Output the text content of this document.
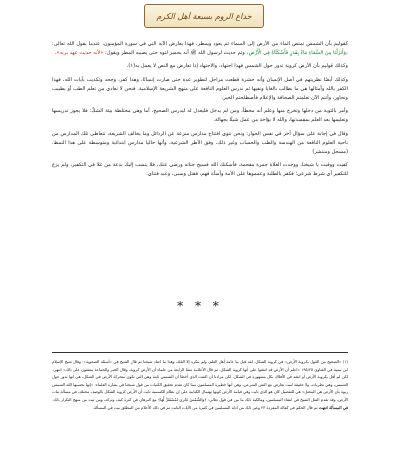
خداع الروم بسبعة أهل الكرم

كقوليم بأن الشمس تمتص الماء من الأرض إلى السماء ثم يعود ويمطر، فهذا يعارض الآية التي في سورة المؤمنون، عندما يقول الله تعالى: ﴿وَأَنزَلْنَا مِنَ السَّمَاءِ مَاءً بِقَدَرٍ فَأَسْكَنَّاهُ فِي الْأَرْضِ﴾ وثم حديث لرسول الله ﷺ أنه يحسر لتوه حتى يصيبه المطر ويقول: «لأنه حديث عهد بربه».

وكذلك قوليم بأن الأرض كروية تدور حول الشمس فهذا اجتهاد، والاجتهاد إذا تعارض مع النص لا يعمل به(١).

وكذلك أيضًا نظريتهم في أصل الإنسان وأنه حشرة قطعت مراحل لتطوير عدة حتى صارت إنسانًا، وهذا كفر، وجحد وتكذيب بآيات الله، فهذا الكفر بالله وأمثالها هي ما نطالب بالغايا ونفيها ثم ندرس العلوم النافعة على منهج الشريعة الإسلامية. فنحن لا نعادي من تعلم الطب أو بطبيب ونحاور، وأنتم الآن تعلمتم الصحافة والإعلام فأصطلحتم الخير.

وأمر بالتوبة من دخلها وتخرج منها وعلم أنه مخطأ، ومن لم يدخل فليعدل له ليدرس الصحيح، أما وهي مختلطة بيئة الشكّ: فلا يجوز تدريسها وتعليمها بعد العلم بمفسدتها، والله لا يؤاخذ من عمل شيئًا بجهالة.

وقال في إجابة على سؤال آخر في نفس الحوار: ونحن ننوي افتتاح مدارس منزعة عن الرذائل وما يخالف الشريعة، تتعاطى تلك المدارس من ناحية العلوم النافعة من الهندسة والطب والحساب وغير ذلك، وفق الأطر الشرعية، وأنها حاليا مدارس ابتدائية ومتوسطة على هذا النمط. (مسجل ومنتشر)

كفيت ووقيت يا شيخنا، ووجدت الغلاة جمرة مفحمة، فأسكنك الله فسيح جناته ورضي عنك، فلا ينسب إليك بدعة من غلا في التكفير، ولم يزع للتكفير أي شرط شرعي؛ فكفر بالطلبة وعمموها على الأمة وأسأة فهم، فقتل وسبى، وعبد فتناي.

* * *

(١) «الصحيح من القول بكروية الأرض» في كروية الشكل، لقد قبل بيا عامة أهل العلم، ولم ينكره إلا القلة، وهذا ما اعتاد شيخنا ثم قال الشيخ في «أسئلة الصحوية»: وقال شيخ الإسلام ابن تيمية في الفتاوى ١٩٥/٢٥ «اعلم أن الأرض قد اتفقوا على أنها كروية الشكل، ثم قال الأعلامة سقا الرابعة من علماء أن الأرض كروية، وقال الحبر والجماعة متفقون على ذلك» انتهى. لكن لم أقل بكروية الأرض أو انتقد في الأفلاك بكل مشهورة في الشكل، لكن مرادنا أن النفث الذي أخطأ أن الشمس ثابتة وهي التي تكون متحركة الأرض في الشكل، هي أنها تدور حول الشمس، وهي نظريات، ولا حقيقة لنبت تعارض مع النص الشرعي، وهي أنها خطيرة المسلمون مما كان تقدم تحقيق الكنيات من قول شيخنا في بشارة العلماء: «إنها نحسبها الله الشمس ربوة بأن الأرض هي المحتل» هي للتفصيل كان هو الذي ثابت وفي قيامة الأرض كونها تهتمال الكتابية على إن نظام الكسمية ثابت أن الأرض كروية الشكل بالوصف مختلف في مسألة ثبات الأرض، وقد تقدم النقل الشيخ في انتقاء المسلمين، ومالكية ذلك ما بين في قول تعالى: ﴿وَالشَّمْسُ تَجْرِي لِمُسْتَقَرٍّ لَّهَا﴾ مع البرهان في كثرة كيف وتركه، ومن ثبت من منهج التكرار ذلك. في المسألة انتهت ثم قال الحكم في كفالة المفردة ٢٣ وغير ذلك من أدلة المسلمين في كثيرة من الآيات الثابت ثم في ذلك الأعلام من المطلق بيت في المسألة.
